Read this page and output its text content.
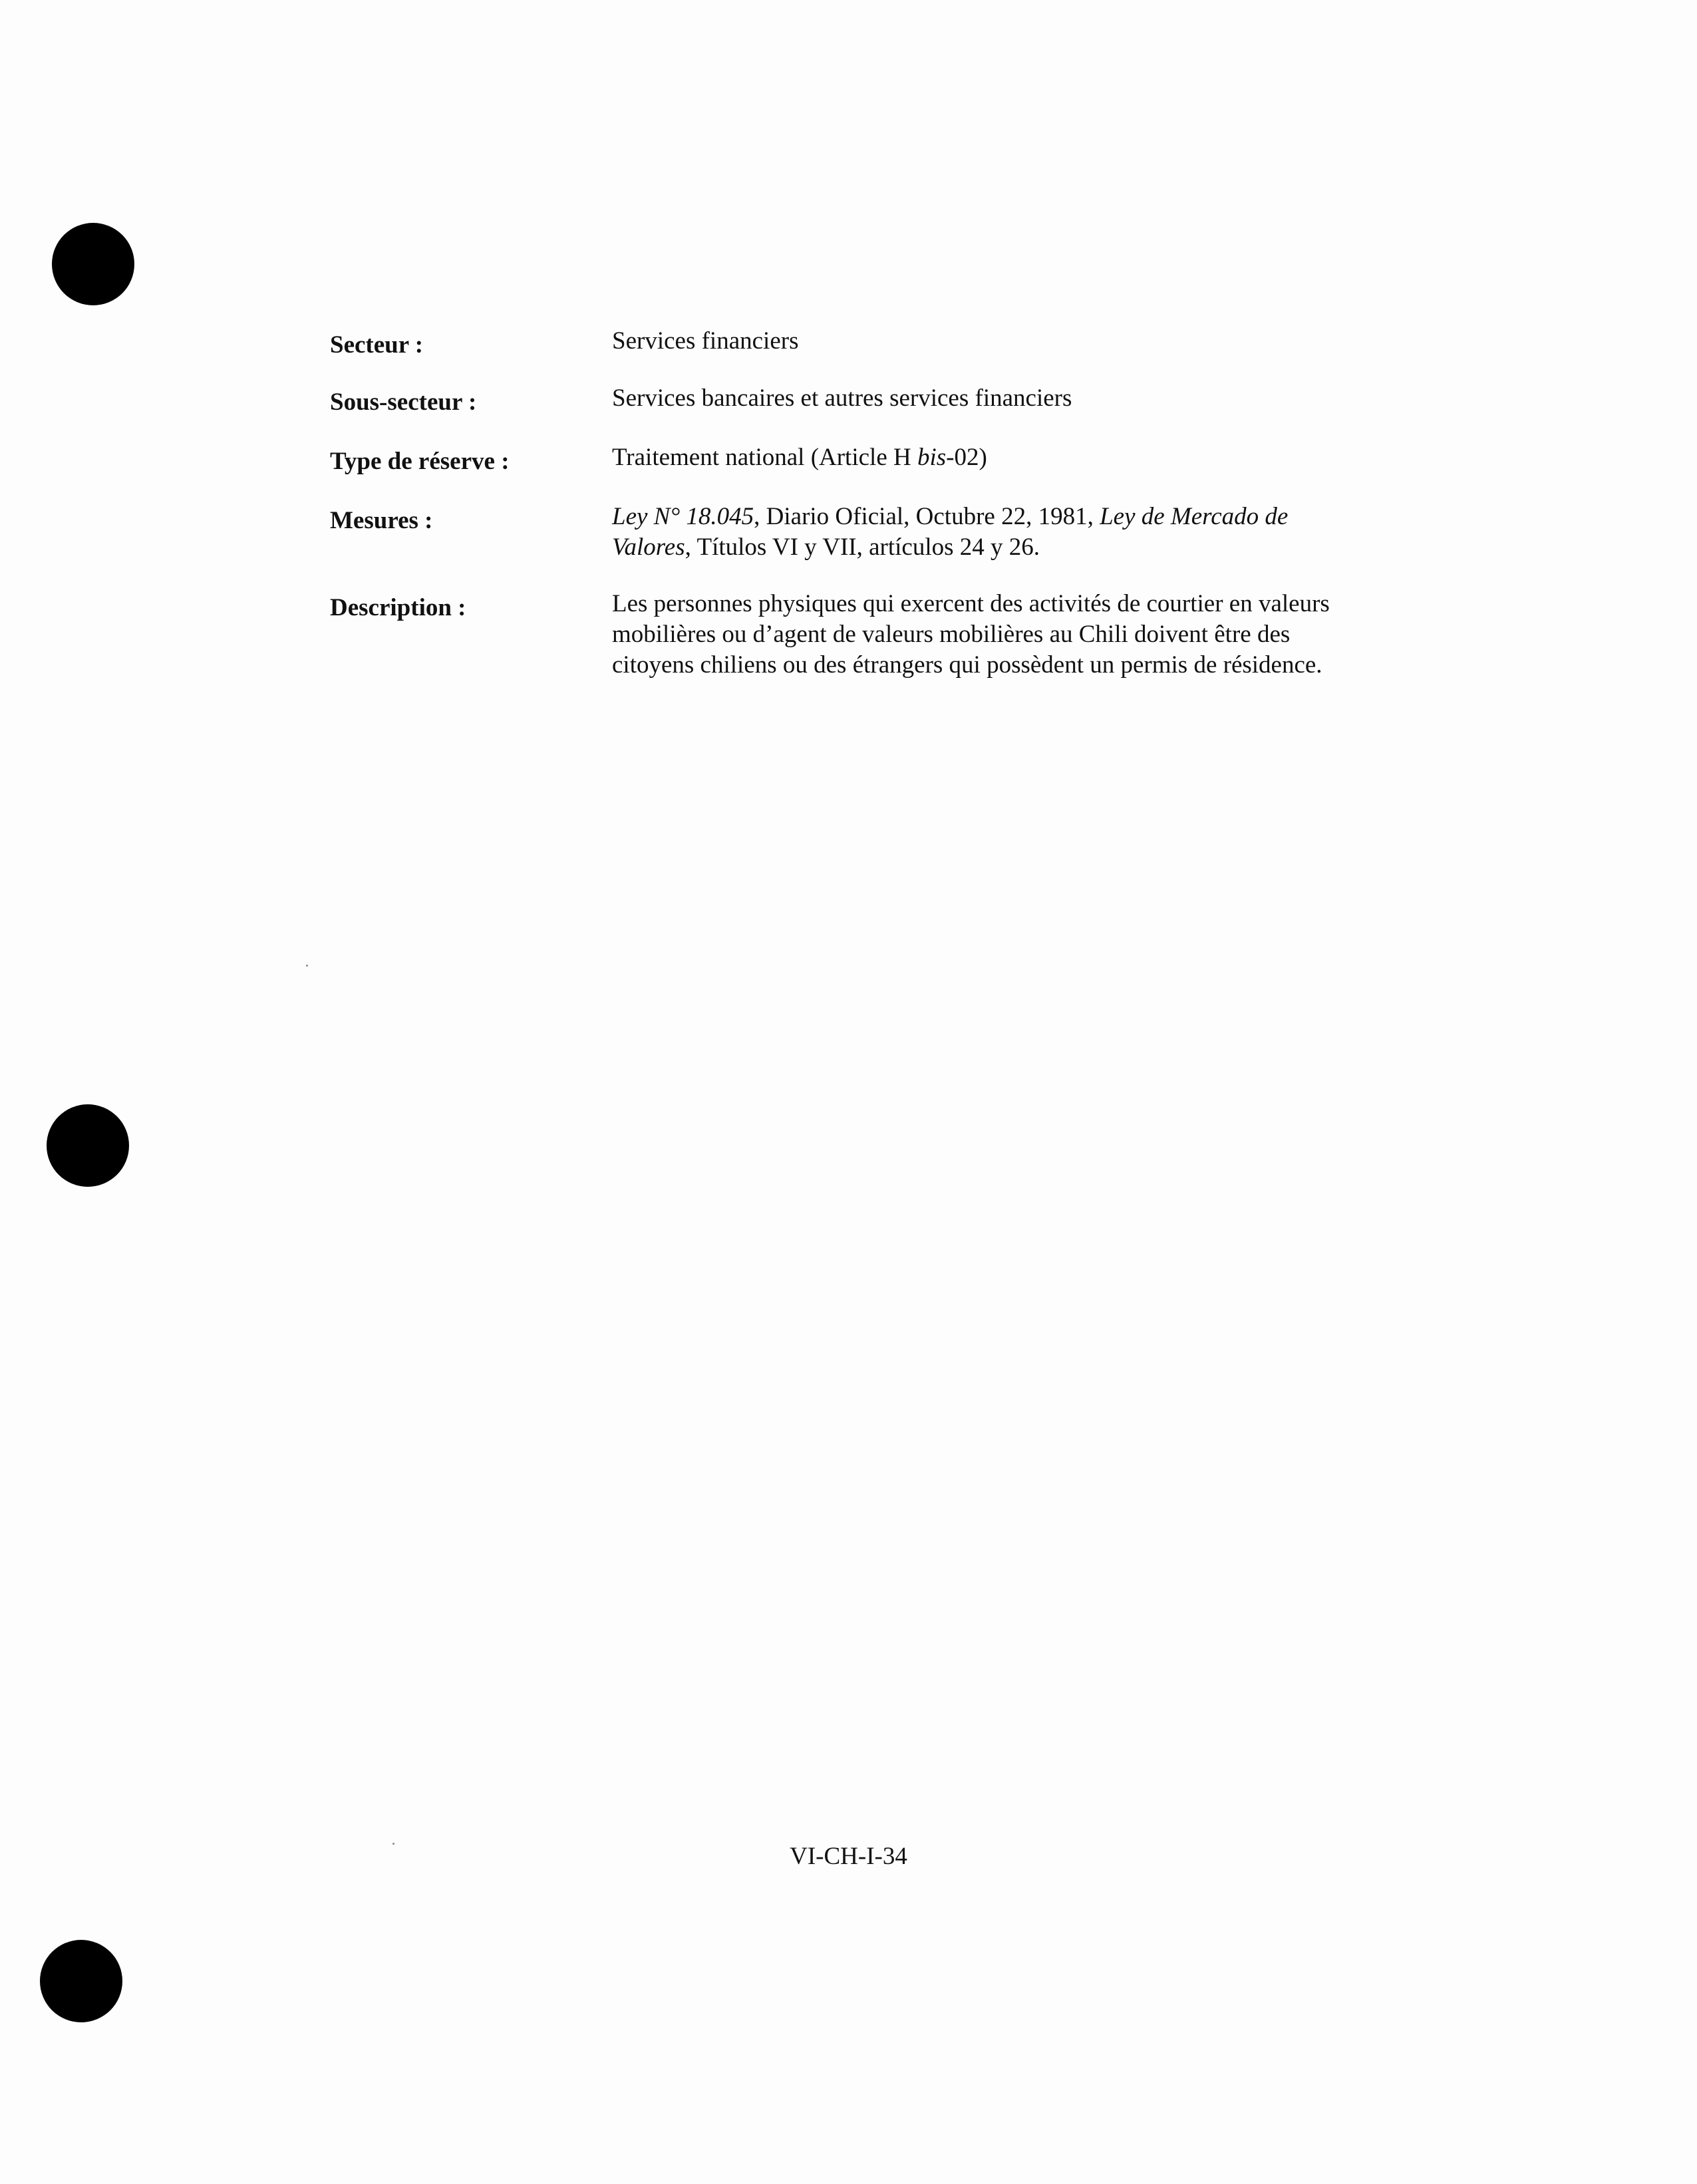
Secteur :	Services financiers
Sous-secteur :	Services bancaires et autres services financiers
Type de réserve :	Traitement national (Article H bis-02)
Mesures :	Ley N° 18.045, Diario Oficial, Octubre 22, 1981, Ley de Mercado de Valores, Títulos VI y VII, artículos 24 y 26.
Description :	Les personnes physiques qui exercent des activités de courtier en valeurs mobilières ou d’agent de valeurs mobilières au Chili doivent être des citoyens chiliens ou des étrangers qui possèdent un permis de résidence.
VI-CH-I-34
